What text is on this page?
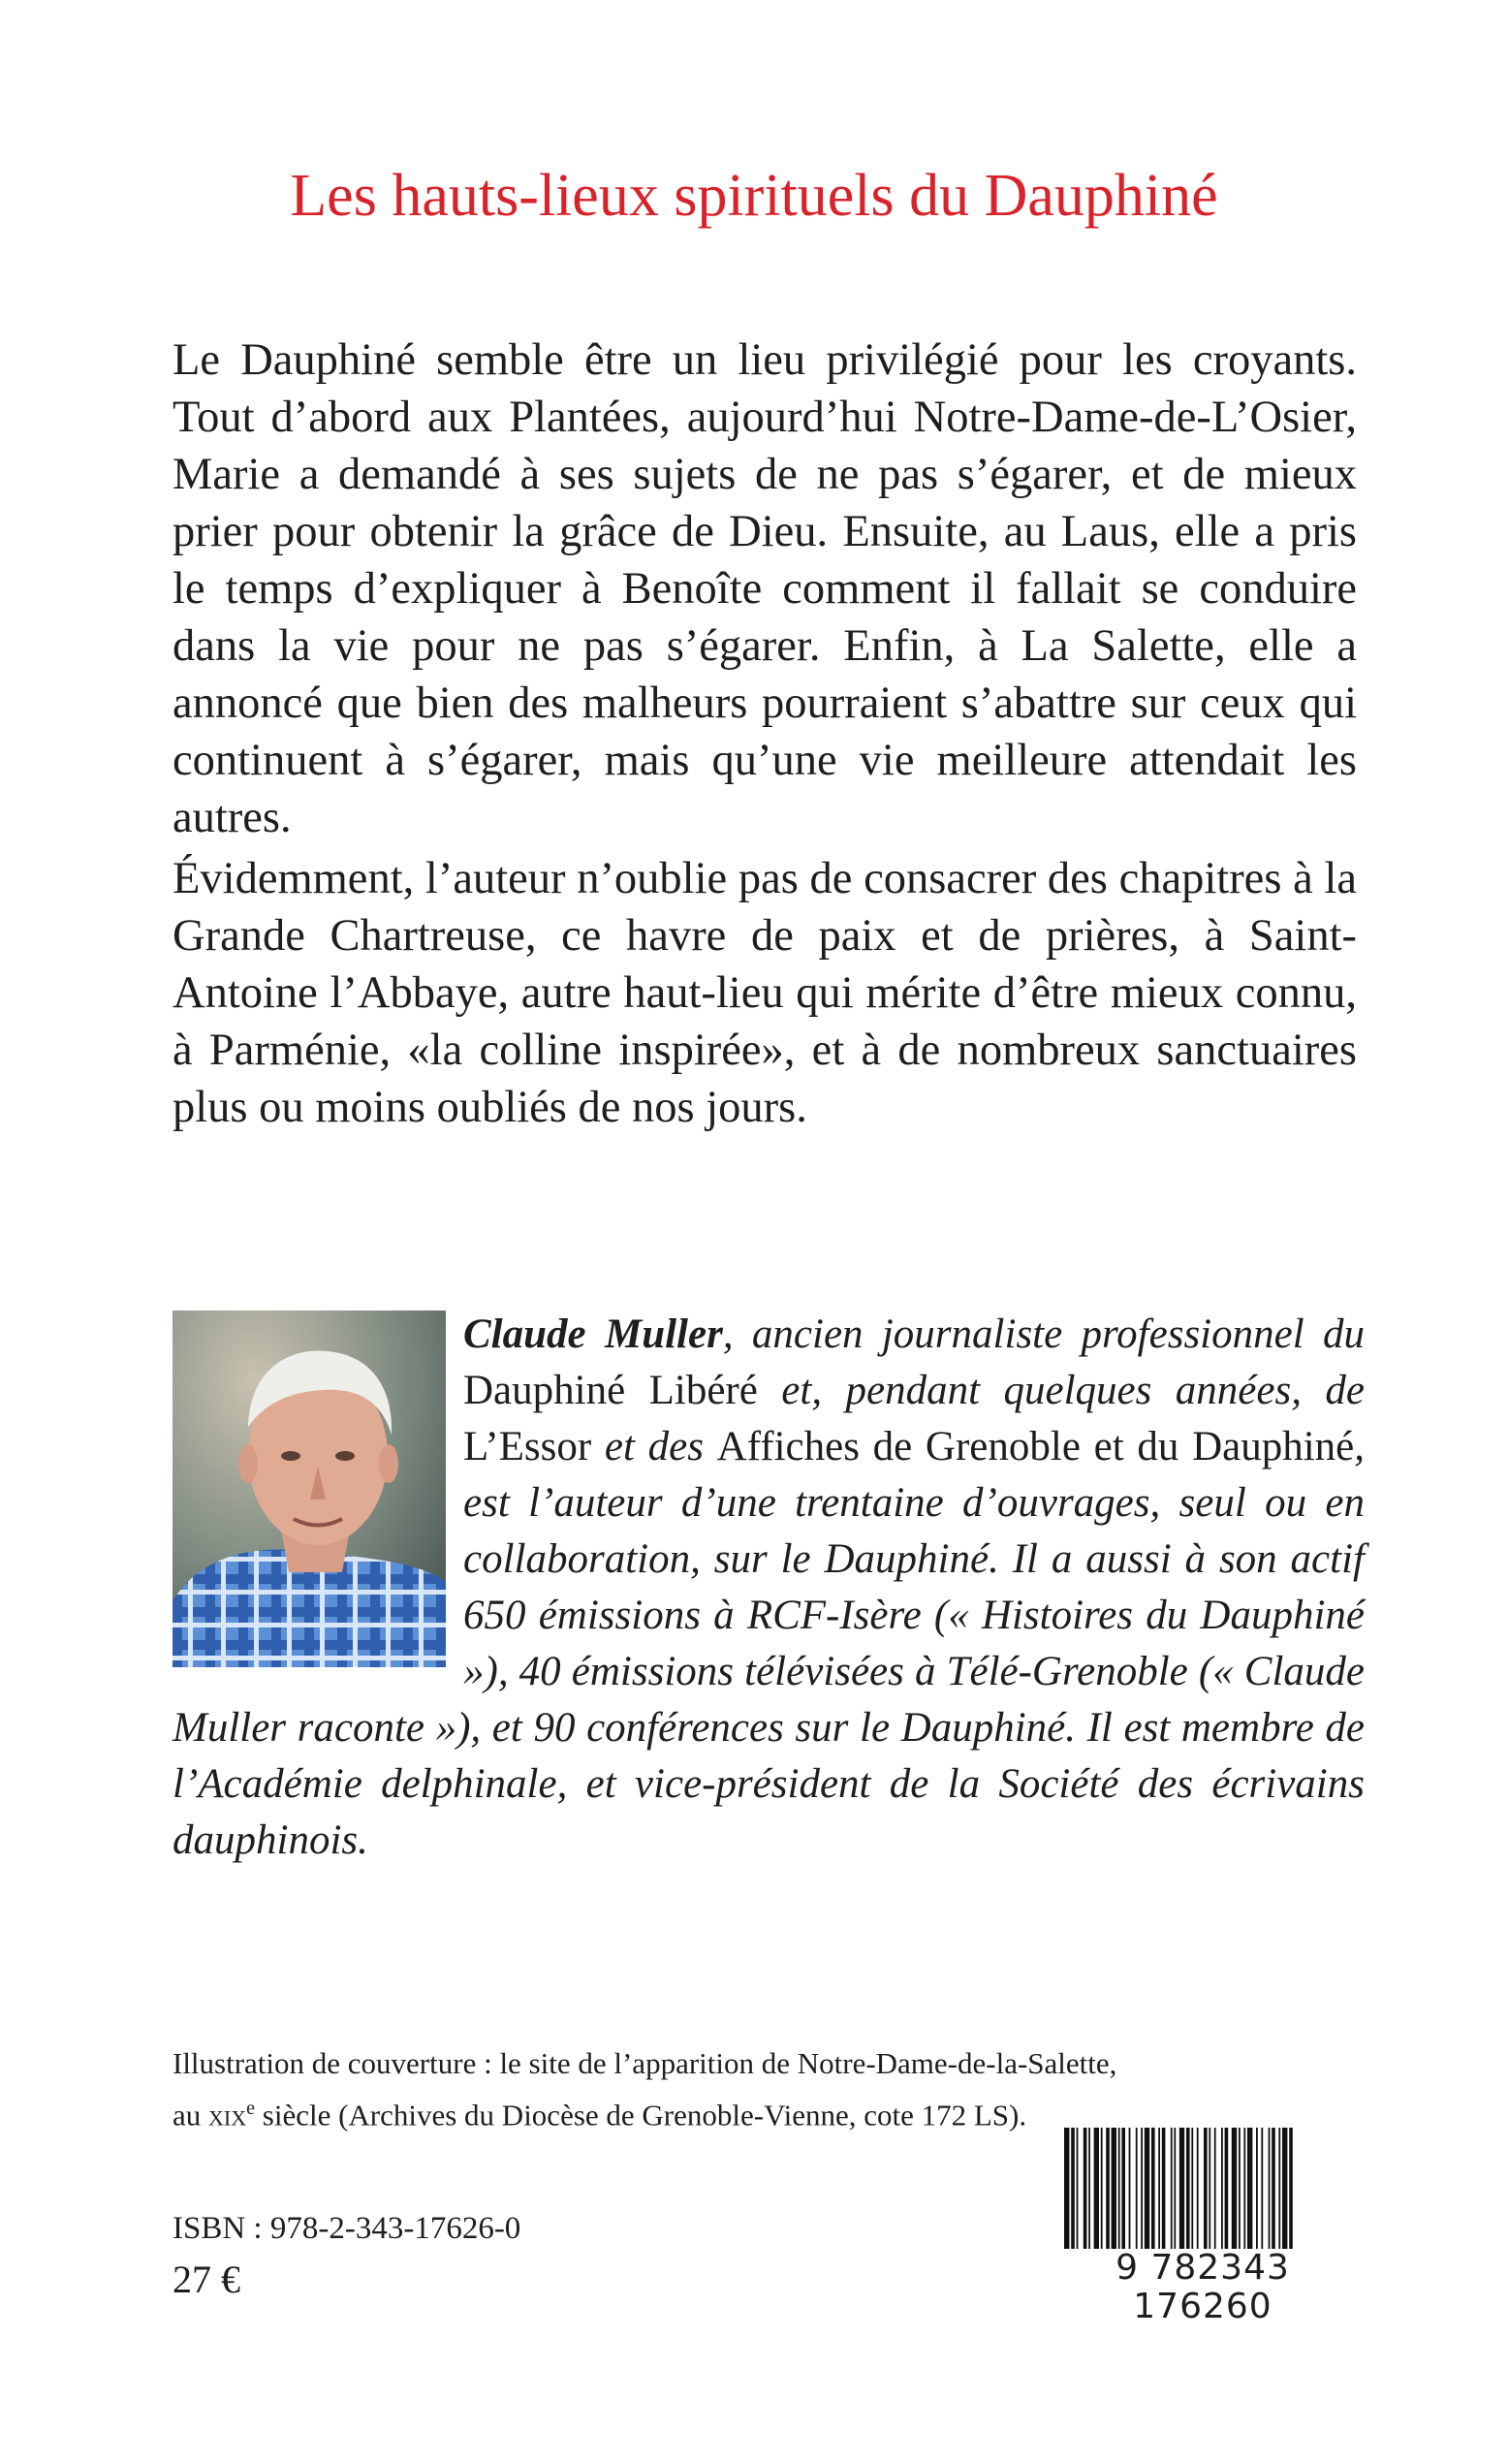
Les hauts-lieux spirituels du Dauphiné

Le Dauphiné semble être un lieu privilégié pour les croyants. Tout d’abord aux Plantées, aujourd’hui Notre-Dame-de-L’Osier, Marie a demandé à ses sujets de ne pas s’égarer, et de mieux prier pour obtenir la grâce de Dieu. Ensuite, au Laus, elle a pris le temps d’expliquer à Benoîte comment il fallait se conduire dans la vie pour ne pas s’égarer. Enfin, à La Salette, elle a annoncé que bien des malheurs pourraient s’abattre sur ceux qui continuent à s’égarer, mais qu’une vie meilleure attendait les autres.

Évidemment, l’auteur n’oublie pas de consacrer des chapitres à la Grande Chartreuse, ce havre de paix et de prières, à Saint-Antoine l’Abbaye, autre haut-lieu qui mérite d’être mieux connu, à Parménie, «la colline inspirée», et à de nombreux sanctuaires plus ou moins oubliés de nos jours.

Claude Muller, ancien journaliste professionnel du Dauphiné Libéré et, pendant quelques années, de L’Essor et des Affiches de Grenoble et du Dauphiné, est l’auteur d’une trentaine d’ouvrages, seul ou en collaboration, sur le Dauphiné. Il a aussi à son actif 650 émissions à RCF-Isère (« Histoires du Dauphiné »), 40 émissions télévisées à Télé-Grenoble (« Claude Muller raconte »), et 90 conférences sur le Dauphiné. Il est membre de l’Académie delphinale, et vice-président de la Société des écrivains dauphinois.

Illustration de couverture : le site de l’apparition de Notre-Dame-de-la-Salette, au xix$^e$ siècle (Archives du Diocèse de Grenoble-Vienne, cote 172 LS).

ISBN : 978-2-343-17626-0

27 €	9 782343 176260
